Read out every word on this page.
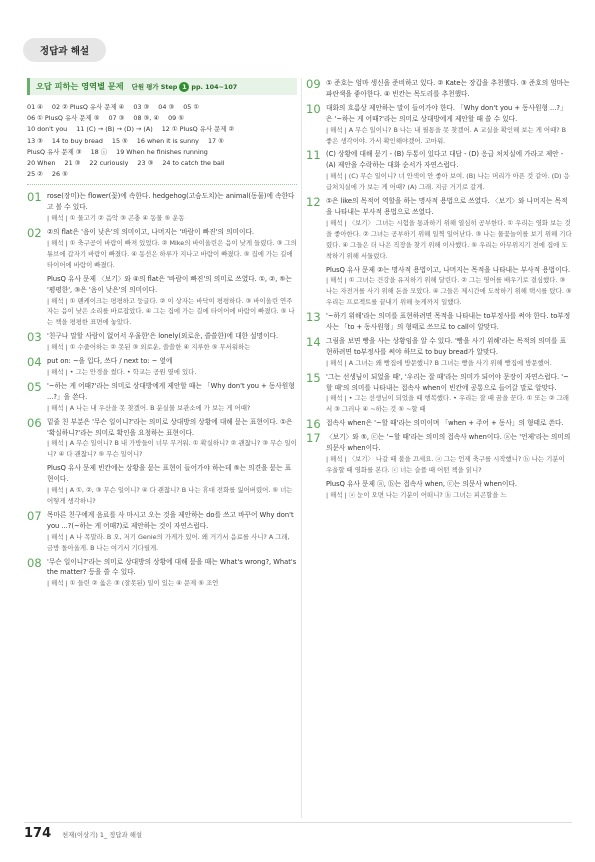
정답과 해설
오답 피하는 영역별 문제 단원 평가 Step 1 pp. 104~107
01 ④ 02 ② PlusQ 유사 문제 ④ 03 ③ 04 ③ 05 ①
06 ① PlusQ 유사 문제 ⑤ 07 ③ 08 ③, ④ 09 ⑤
10 don't you 11 (C) → (B) → (D) → (A) 12 ① PlusQ 유사 문제 ②
13 ③ 14 to buy bread 15 ⑤ 16 when it is sunny 17 ⑤
PlusQ 유사 문제 ③ 18 ⓘ 19 When he finishes running
20 When 21 ③ 22 curiously 23 ③ 24 to catch the ball
25 ② 26 ⑤
01 rose(장미)는 flower(꽃)에 속한다. hedgehog(고슴도치)는 animal(동물)에 속한다고 볼 수 있다.
| 해석 | ① 물고기 ② 음악 ③ 곤충 ④ 동물 ⑤ 운동
02 ②의 flat은 '음이 낮은'의 의미이고, 나머지는 '바람이 빠진'의 의미이다.
| 해석 | ① 축구공이 바람이 빠져 있었다. ② Mike의 바이올린은 음이 낮게 들렸다. ③ 그의 튜브에 갑자기 바람이 빠졌다. ④ 동선은 하루가 지나고 바람이 빠졌다. ⑤ 집에 가는 길에 타이어에 바람이 빠졌다.
PlusQ 유사 문제 〈보기〉와 ④의 flat은 '바람이 빠진'의 의미로 쓰였다. ①, ②, ⑤는 '평평한', ③은 '음이 낮은'의 의미이다.
| 해석 | ① 팬케이크는 평평하고 둥글다. ② 이 상자는 바닥이 평평하다. ③ 바이올린 연주자는 음이 낮은 소리를 바로잡았다. ④ 그는 집에 가는 길에 타이어에 바람이 빠졌다. ⑤ 나는 책을 평평한 표면에 놓았다.
03 '친구나 말할 사람이 없어서 우울한'은 lonely(외로운, 쓸쓸한)에 대한 설명이다.
| 해석 | ① 수줍어하는 ② 못된 ③ 외로운, 쓸쓸한 ④ 지루한 ⑤ 무서워하는
04 put on: ~을 입다, 쓰다 / next to: ~ 옆에
| 해석 | • 그는 안경을 썼다. • 학교는 공원 옆에 있다.
05 '~하는 게 어때?'라는 의미로 상대방에게 제안할 때는 「Why don't you + 동사원형 ...?」을 쓴다.
| 해석 | A 나는 내 우산을 못 찾겠어. B 분실물 보관소에 가 보는 게 어때?
06 밑줄 친 부분은 '무슨 일이니?'라는 의미로 상대방의 상황에 대해 묻는 표현이다. ①은 '확실하니?'라는 의미로 확인을 요청하는 표현이다.
| 해석 | A 무슨 일이니? B 내 가방들이 너무 무거워. ① 확실하니? ② 괜찮니? ③ 무슨 일이니? ④ 다 괜찮니? ⑤ 무슨 일이니?
PlusQ 유사 문제 빈칸에는 상황을 묻는 표현이 들어가야 하는데 ⑤는 의견을 묻는 표현이다.
| 해석 | A ①, ②, ③ 무슨 일이니? ④ 다 괜찮니? B 나는 휴대 전화를 잃어버렸어. ⑤ 너는 어떻게 생각하니?
07 목마른 친구에게 음료를 사 마시고 오는 것을 제안하는 do를 쓰고 바꾸어 Why don't you ...?(~하는 게 어때?)로 제안하는 것이 자연스럽다.
| 해석 | A 나 목말라. B 오, 저기 Genie의 가게가 있어. 왜 거기서 음료를 사니? A 그래, 금방 돌아올게. B 나는 여기서 기다릴게.
08 '무슨 일이니?'라는 의미로 상대방의 상황에 대해 묻을 때는 What's wrong?, What's the matter? 등을 쓸 수 있다.
| 해석 | ① 들린 ② 옳은 ③ (잘못된) 일이 있는 ④ 문제 ⑤ 조언
09 ① 준호는 엄마 생신을 준비하고 있다. ② Kate는 장갑을 추천했다. ③ 준호의 엄마는 파란색을 좋아한다. ④ 빈칸는 목도리를 추천했다.
10 대화의 흐름상 제안하는 말이 들어가야 한다. 「Why don't you + 동사원형 ...?」은 '~하는 게 어때?'라는 의미로 상대방에게 제안할 때 쓸 수 있다.
| 해석 | A 무슨 일이니? B 나는 내 필통을 못 찾겠어. A 교실을 확인해 보는 게 어때? B 좋은 생각이야. 가서 확인해야겠어. 고마워.
11 (C) 상황에 대해 묻기 - (B) 두통이 있다고 대답 - (D) 응급 처치실에 가라고 제안 - (A) 제안을 수락하는 대화 순서가 자연스럽다.
| 해석 | (C) 무슨 일이니? 너 안색이 안 좋아 보여. (B) 나는 머리가 아픈 것 같아. (D) 응급처치실에 가 보는 게 어때? (A) 그래. 지금 거기로 갈게.
12 ①은 like의 목적어 역할을 하는 명사적 용법으로 쓰였다. 〈보기〉와 나머지는 목적을 나타내는 부사적 용법으로 쓰였다.
| 해석 | 〈보기〉 그녀는 시험을 통과하기 위해 열심히 공부한다. ① 우리는 영화 보는 것을 좋아한다. ② 그녀는 공부하기 위해 일찍 일어난다. ③ 나는 물꽃놀이를 보기 위해 기다렸다. ④ 그들은 더 나은 직장을 찾기 위해 이사했다. ⑤ 우리는 아무위지기 전에 집에 도착하기 위해 서둘렀다.
PlusQ 유사 문제 ②는 명사적 용법이고, 나머지는 목적을 나타내는 부사적 용법이다.
| 해석 | ① 그녀는 건강을 유지하기 위해 달린다. ② 그는 영어를 배우기로 결심했다. ③ 나는 자전거를 사기 위해 돈을 모았다. ④ 그들은 제시간에 도착하기 위해 택시를 탔다. ⑤ 우리는 프로젝트를 끝내기 위해 늦게까지 일했다.
13 '~하기 위해'라는 의미를 표현하려면 목적을 나타내는 to부정사를 써야 한다. to부정사는 「to + 동사원형」의 형태로 쓰므로 to call이 알맞다.
14 그림을 보면 빵을 사는 상황임을 알 수 있다. '빵을 사기 위해'라는 목적의 의미를 표현하려면 to부정사를 써야 하므로 to buy bread가 알맞다.
| 해석 | A 그녀는 왜 빵집에 방문했니? B 그녀는 빵을 사기 위해 빵집에 방문했어.
15 '그는 선생님이 되었을 때', '우리는 잘 때'라는 의미가 되어야 문장이 자연스럽다. '~할 때'의 의미를 나타내는 접속사 when이 빈칸에 공통으로 들어갈 말로 알맞다.
| 해석 | • 그는 선생님이 되었을 때 행복했다. • 우리는 잘 때 꿈을 꾼다. ① 또는 ② 그래서 ③ 그러나 ④ ~하는 것 ⑤ ~할 때
16 접속사 when은 '~할 때'라는 의미이며 「when + 주어 + 동사」의 형태로 쓴다.
17 〈보기〉와 ⑤, ⓒ는 '~할 때'라는 의미의 접속사 when이다. ⓐ는 '언제'라는 의미의 의문사 when이다.
| 해석 | 〈보기〉 나갈 때 불을 끄세요. ⓐ 그는 언제 축구를 시작했니? ⓑ 나는 기분이 우울할 때 영화를 본다. ⓒ 너는 슬플 때 어떤 책을 읽니?
PlusQ 유사 문제 ⓐ, ⓑ는 접속사 when, ⓒ는 의문사 when이다.
| 해석 | ⓐ 눈이 오면 나는 기분이 어떠니? ⓑ 그녀는 피곤할을 느
174 천재(이상기) 1_ 정답과 해설
